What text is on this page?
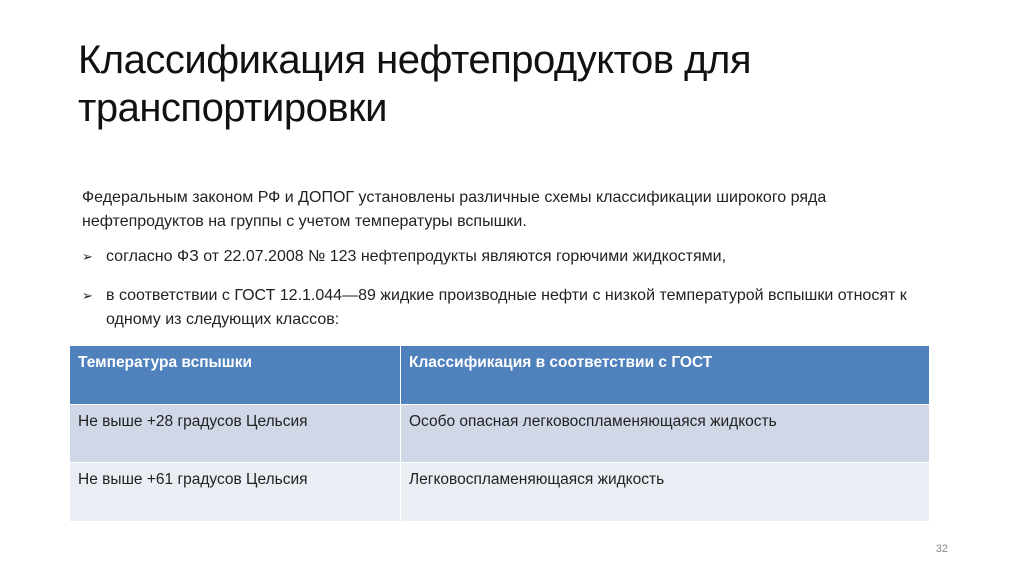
Классификация нефтепродуктов для транспортировки
Федеральным законом РФ и ДОПОГ установлены различные схемы классификации широкого ряда нефтепродуктов на группы с учетом температуры вспышки.
➢ согласно ФЗ от 22.07.2008 № 123 нефтепродукты являются горючими жидкостями,
➢ в соответствии с ГОСТ 12.1.044—89 жидкие производные нефти с низкой температурой вспышки относят к одному из следующих классов:
Температура вспышки	Классификация в соответствии с ГОСТ
Не выше +28 градусов Цельсия	Особо опасная легковоспламеняющаяся жидкость
Не выше +61 градусов Цельсия	Легковоспламеняющаяся жидкость
32
